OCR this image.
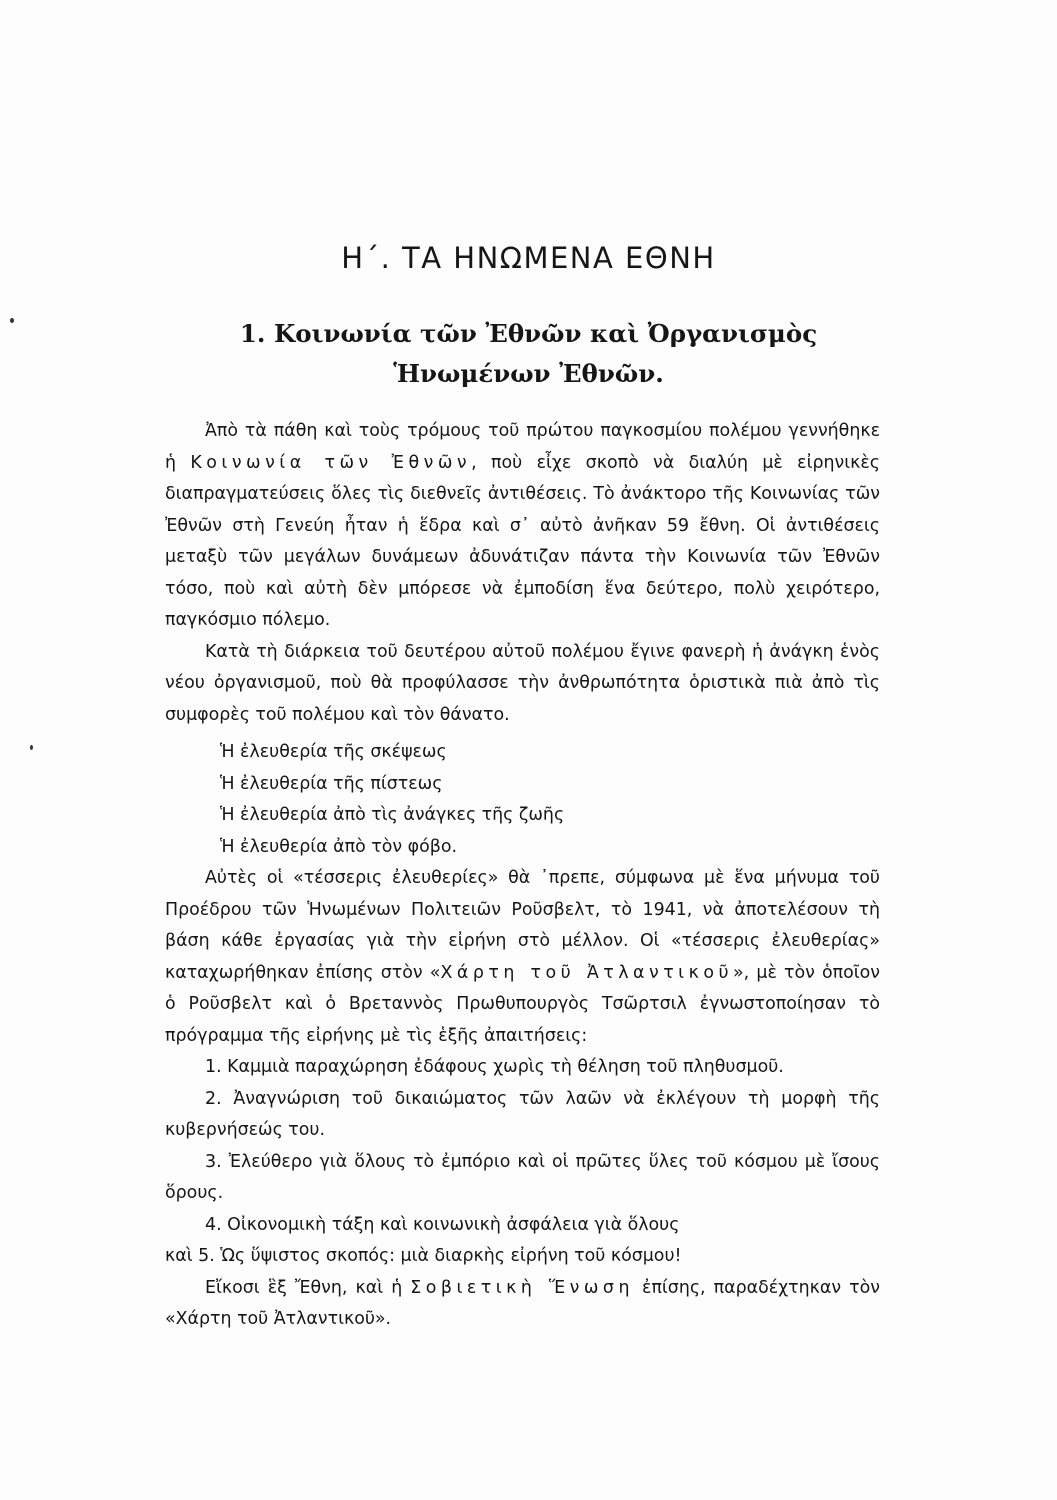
Η΄. ΤΑ ΗΝΩΜΕΝΑ ΕΘΝΗ
1. Κοινωνία τῶν Ἐθνῶν καὶ Ὀργανισμὸς
Ἡνωμένων Ἐθνῶν.

Ἀπὸ τὰ πάθη καὶ τοὺς τρόμους τοῦ πρώτου παγκοσμίου πολέμου γεννήθηκε ἡ Κοινωνία τῶν Ἐθνῶν, ποὺ εἶχε σκοπὸ νὰ διαλύη μὲ εἰρηνικὲς διαπραγματεύσεις ὅλες τὶς διεθνεῖς ἀντιθέσεις. Τὸ ἀνάκτορο τῆς Κοινωνίας τῶν Ἐθνῶν στὴ Γενεύη ἦταν ἡ ἕδρα καὶ σ᾽ αὐτὸ ἀνῆκαν 59 ἔθνη. Οἱ ἀντιθέσεις μεταξὺ τῶν μεγάλων δυνάμεων ἀδυνάτιζαν πάντα τὴν Κοινωνία τῶν Ἐθνῶν τόσο, ποὺ καὶ αὐτὴ δὲν μπόρεσε νὰ ἐμποδίση ἕνα δεύτερο, πολὺ χειρότερο, παγκόσμιο πόλεμο.

Κατὰ τὴ διάρκεια τοῦ δευτέρου αὐτοῦ πολέμου ἔγινε φανερὴ ἡ ἀνάγκη ἑνὸς νέου ὀργανισμοῦ, ποὺ θὰ προφύλασσε τὴν ἀνθρωπότητα ὁριστικὰ πιὰ ἀπὸ τὶς συμφορὲς τοῦ πολέμου καὶ τὸν θάνατο.

Ἡ ἐλευθερία τῆς σκέψεως

Ἡ ἐλευθερία τῆς πίστεως

Ἡ ἐλευθερία ἀπὸ τὶς ἀνάγκες τῆς ζωῆς

Ἡ ἐλευθερία ἀπὸ τὸν φόβο.

Αὐτὲς οἱ «τέσσερις ἐλευθερίες» θὰ ᾽πρεπε, σύμφωνα μὲ ἕνα μήνυμα τοῦ Προέδρου τῶν Ἡνωμένων Πολιτειῶν Ροῦσβελτ, τὸ 1941, νὰ ἀποτελέσουν τὴ βάση κάθε ἐργασίας γιὰ τὴν εἰρήνη στὸ μέλλον. Οἱ «τέσσερις ἐλευθερίας» καταχωρήθηκαν ἐπίσης στὸν «Χάρτη τοῦ Ἀτλαντικοῦ», μὲ τὸν ὁποῖον ὁ Ροῦσβελτ καὶ ὁ Βρεταννὸς Πρωθυπουργὸς Τσῶρτσιλ ἐγνωστοποίησαν τὸ πρόγραμμα τῆς εἰρήνης μὲ τὶς ἑξῆς ἀπαιτήσεις:

1. Καμμιὰ παραχώρηση ἐδάφους χωρὶς τὴ θέληση τοῦ πληθυσμοῦ.

2. Ἀναγνώριση τοῦ δικαιώματος τῶν λαῶν νὰ ἐκλέγουν τὴ μορφὴ τῆς κυβερνήσεώς του.

3. Ἐλεύθερο γιὰ ὅλους τὸ ἐμπόριο καὶ οἱ πρῶτες ὕλες τοῦ κόσμου μὲ ἴσους ὅρους.

4. Οἰκονομικὴ τάξη καὶ κοινωνικὴ ἀσφάλεια γιὰ ὅλους

καὶ 5. Ὡς ὕψιστος σκοπός: μιὰ διαρκὴς εἰρήνη τοῦ κόσμου!

Εἴκοσι ἓξ Ἔθνη, καὶ ἡ Σοβιετικὴ Ἕνωση ἐπίσης, παραδέχτηκαν τὸν «Χάρτη τοῦ Ἀτλαντικοῦ».
